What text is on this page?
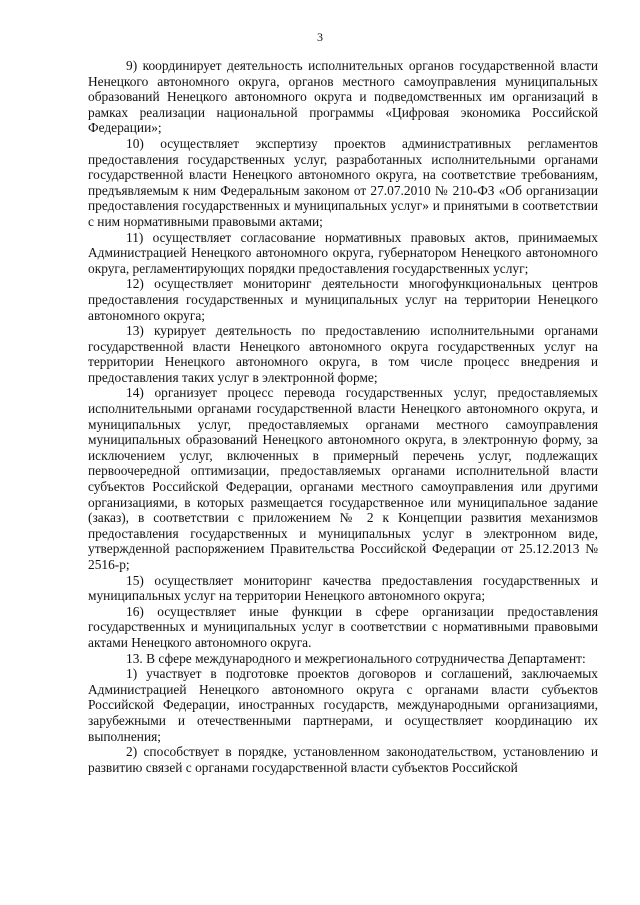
3

9) координирует деятельность исполнительных органов государственной власти Ненецкого автономного округа, органов местного самоуправления муниципальных образований Ненецкого автономного округа и подведомственных им организаций в рамках реализации национальной программы «Цифровая экономика Российской Федерации»;

10) осуществляет экспертизу проектов административных регламентов предоставления государственных услуг, разработанных исполнительными органами государственной власти Ненецкого автономного округа, на соответствие требованиям, предъявляемым к ним Федеральным законом от 27.07.2010 № 210-ФЗ «Об организации предоставления государственных и муниципальных услуг» и принятыми в соответствии с ним нормативными правовыми актами;

11) осуществляет согласование нормативных правовых актов, принимаемых Администрацией Ненецкого автономного округа, губернатором Ненецкого автономного округа, регламентирующих порядки предоставления государственных услуг;

12) осуществляет мониторинг деятельности многофункциональных центров предоставления государственных и муниципальных услуг на территории Ненецкого автономного округа;

13) курирует деятельность по предоставлению исполнительными органами государственной власти Ненецкого автономного округа государственных услуг на территории Ненецкого автономного округа, в том числе процесс внедрения и предоставления таких услуг в электронной форме;

14) организует процесс перевода государственных услуг, предоставляемых исполнительными органами государственной власти Ненецкого автономного округа, и муниципальных услуг, предоставляемых органами местного самоуправления муниципальных образований Ненецкого автономного округа, в электронную форму, за исключением услуг, включенных в примерный перечень услуг, подлежащих первоочередной оптимизации, предоставляемых органами исполнительной власти субъектов Российской Федерации, органами местного самоуправления или другими организациями, в которых размещается государственное или муниципальное задание (заказ), в соответствии с приложением № 2 к Концепции развития механизмов предоставления государственных и муниципальных услуг в электронном виде, утвержденной распоряжением Правительства Российской Федерации от 25.12.2013 № 2516-р;

15) осуществляет мониторинг качества предоставления государственных и муниципальных услуг на территории Ненецкого автономного округа;

16) осуществляет иные функции в сфере организации предоставления государственных и муниципальных услуг в соответствии с нормативными правовыми актами Ненецкого автономного округа.

13. В сфере международного и межрегионального сотрудничества Департамент:

1) участвует в подготовке проектов договоров и соглашений, заключаемых Администрацией Ненецкого автономного округа с органами власти субъектов Российской Федерации, иностранных государств, международными организациями, зарубежными и отечественными партнерами, и осуществляет координацию их выполнения;

2) способствует в порядке, установленном законодательством, установлению и развитию связей с органами государственной власти субъектов Российской
